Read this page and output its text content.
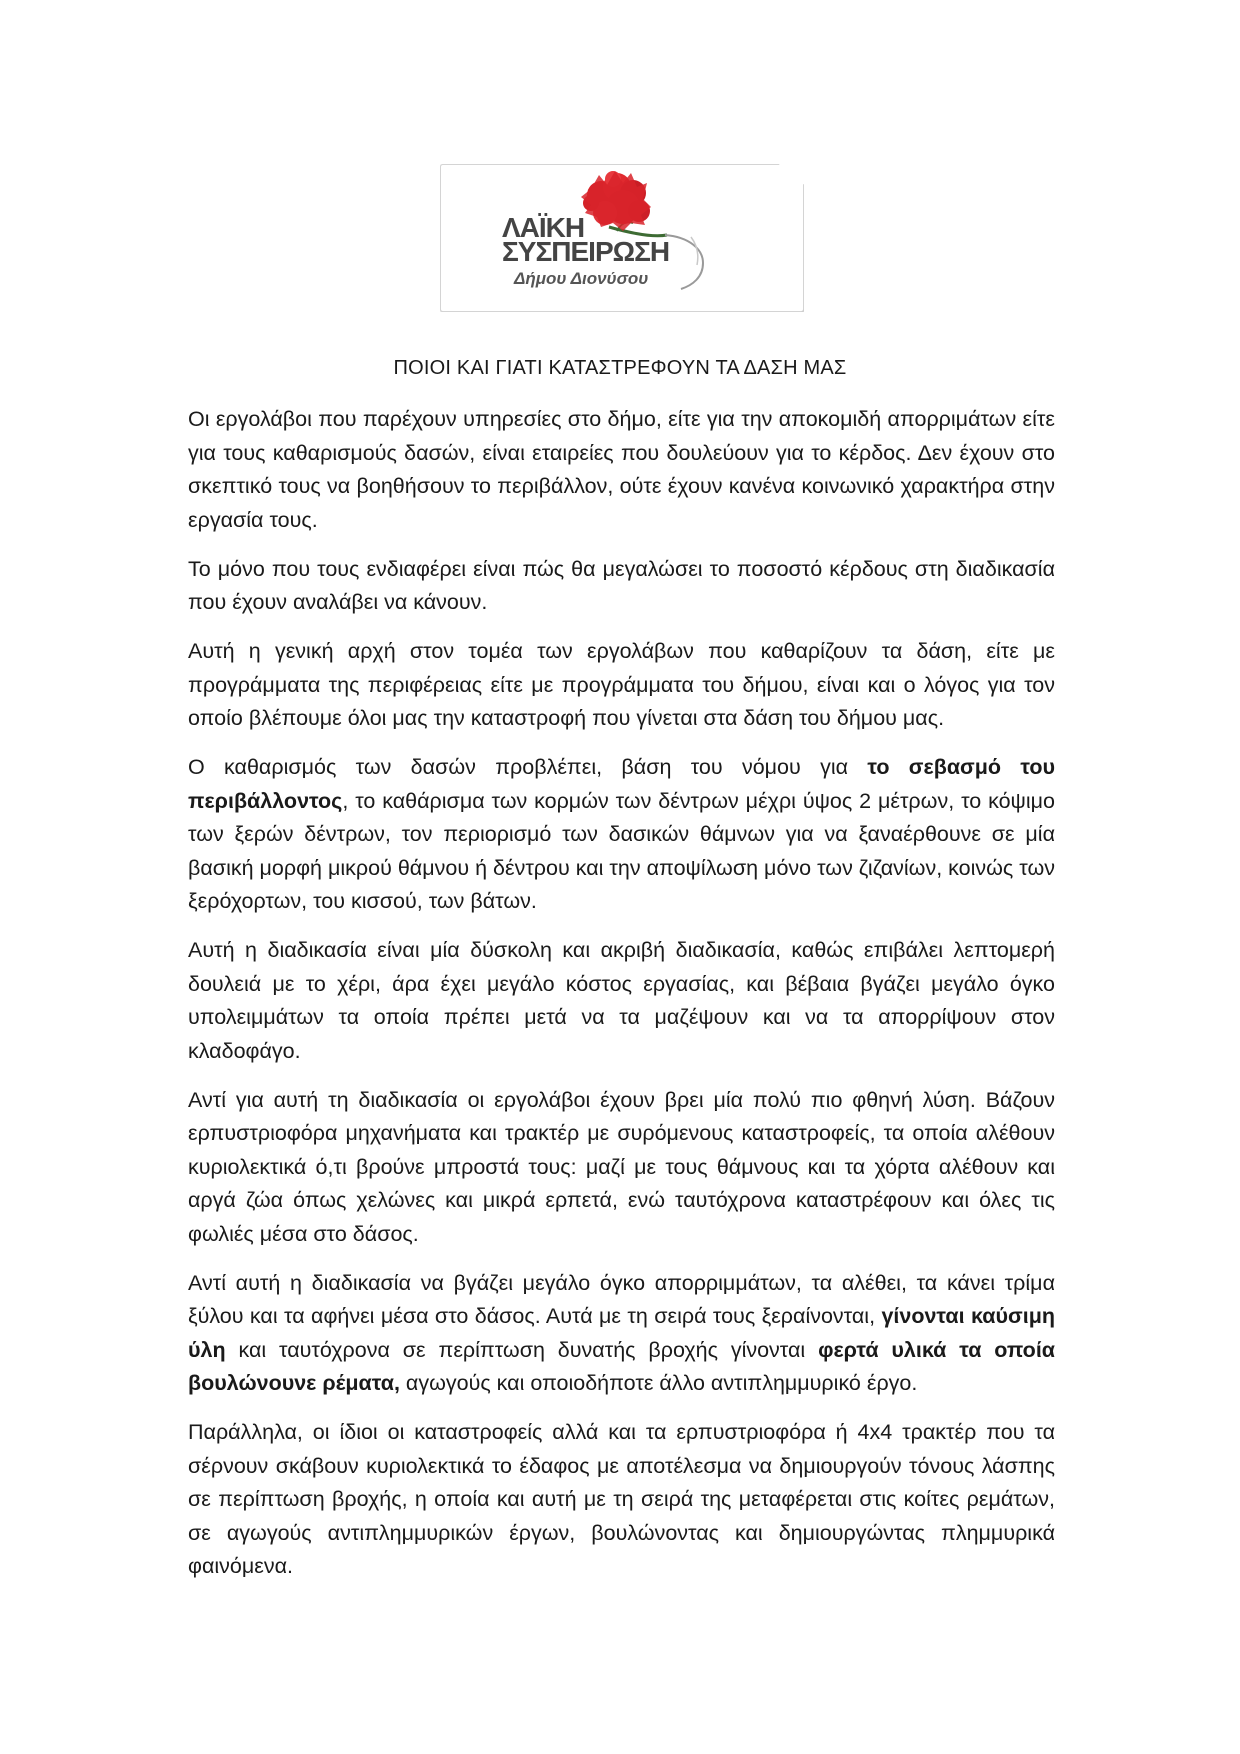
ΛΑΪΚΗ
ΣΥΣΠΕΙΡΩΣΗ
Δήμου Διονύσου
ΠΟΙΟΙ ΚΑΙ ΓΙΑΤΙ ΚΑΤΑΣΤΡΕΦΟΥΝ ΤΑ ΔΑΣΗ ΜΑΣ

Οι εργολάβοι που παρέχουν υπηρεσίες στο δήμο, είτε για την αποκομιδή απορριμάτων είτε για τους καθαρισμούς δασών, είναι εταιρείες που δουλεύουν για το κέρδος. Δεν έχουν στο σκεπτικό τους να βοηθήσουν το περιβάλλον, ούτε έχουν κανένα κοινωνικό χαρακτήρα στην εργασία τους.

Το μόνο που τους ενδιαφέρει είναι πώς θα μεγαλώσει το ποσοστό κέρδους στη διαδικασία που έχουν αναλάβει να κάνουν.

Αυτή η γενική αρχή στον τομέα των εργολάβων που καθαρίζουν τα δάση, είτε με προγράμματα της περιφέρειας είτε με προγράμματα του δήμου, είναι και ο λόγος για τον οποίο βλέπουμε όλοι μας την καταστροφή που γίνεται στα δάση του δήμου μας.

Ο καθαρισμός των δασών προβλέπει, βάση του νόμου για το σεβασμό του περιβάλλοντος, το καθάρισμα των κορμών των δέντρων μέχρι ύψος 2 μέτρων, το κόψιμο των ξερών δέντρων, τον περιορισμό των δασικών θάμνων για να ξαναέρθουνε σε μία βασική μορφή μικρού θάμνου ή δέντρου και την αποψίλωση μόνο των ζιζανίων, κοινώς των ξερόχορτων, του κισσού, των βάτων.

Αυτή η διαδικασία είναι μία δύσκολη και ακριβή διαδικασία, καθώς επιβάλει λεπτομερή δουλειά με το χέρι, άρα έχει μεγάλο κόστος εργασίας, και βέβαια βγάζει μεγάλο όγκο υπολειμμάτων τα οποία πρέπει μετά να τα μαζέψουν και να τα απορρίψουν στον κλαδοφάγο.

Αντί για αυτή τη διαδικασία οι εργολάβοι έχουν βρει μία πολύ πιο φθηνή λύση. Βάζουν ερπυστριοφόρα μηχανήματα και τρακτέρ με συρόμενους καταστροφείς, τα οποία αλέθουν κυριολεκτικά ό,τι βρούνε μπροστά τους: μαζί με τους θάμνους και τα χόρτα αλέθουν και αργά ζώα όπως χελώνες και μικρά ερπετά, ενώ ταυτόχρονα καταστρέφουν και όλες τις φωλιές μέσα στο δάσος.

Αντί αυτή η διαδικασία να βγάζει μεγάλο όγκο απορριμμάτων, τα αλέθει, τα κάνει τρίμα ξύλου και τα αφήνει μέσα στο δάσος. Αυτά με τη σειρά τους ξεραίνονται, γίνονται καύσιμη ύλη και ταυτόχρονα σε περίπτωση δυνατής βροχής γίνονται φερτά υλικά τα οποία βουλώνουνε ρέματα, αγωγούς και οποιοδήποτε άλλο αντιπλημμυρικό έργο.

Παράλληλα, οι ίδιοι οι καταστροφείς αλλά και τα ερπυστριοφόρα ή 4x4 τρακτέρ που τα σέρνουν σκάβουν κυριολεκτικά το έδαφος με αποτέλεσμα να δημιουργούν τόνους λάσπης σε περίπτωση βροχής, η οποία και αυτή με τη σειρά της μεταφέρεται στις κοίτες ρεμάτων, σε αγωγούς αντιπλημμυρικών έργων, βουλώνοντας και δημιουργώντας πλημμυρικά φαινόμενα.
